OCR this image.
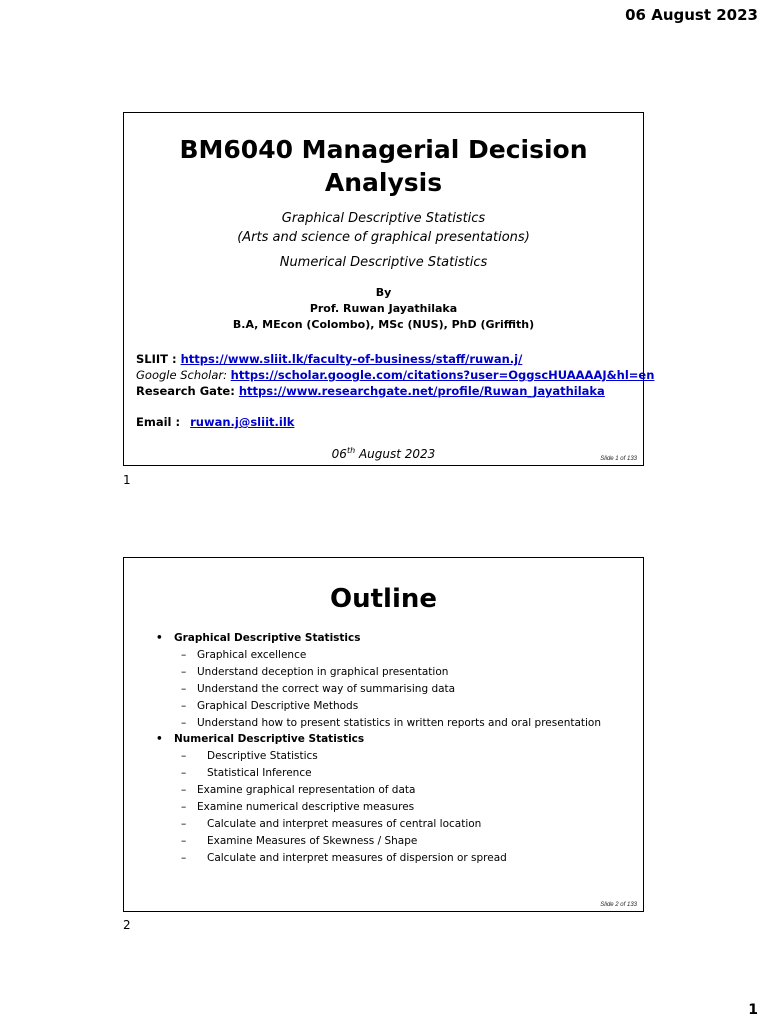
06 August 2023
BM6040 Managerial Decision Analysis
Graphical Descriptive Statistics
(Arts and science of graphical presentations)
Numerical Descriptive Statistics
By
Prof. Ruwan Jayathilaka
B.A, MEcon (Colombo), MSc (NUS), PhD (Griffith)
SLIIT : https://www.sliit.lk/faculty-of-business/staff/ruwan.j/
Google Scholar: https://scholar.google.com/citations?user=OggscHUAAAAJ&hl=en
Research Gate: https://www.researchgate.net/profile/Ruwan_Jayathilaka
Email : ruwan.j@sliit.ilk
06th August 2023	Slide 1 of 133
1
Outline
• Graphical Descriptive Statistics
– Graphical excellence
– Understand deception in graphical presentation
– Understand the correct way of summarising data
– Graphical Descriptive Methods
– Understand how to present statistics in written reports and oral presentation
• Numerical Descriptive Statistics
– Descriptive Statistics
– Statistical Inference
– Examine graphical representation of data
– Examine numerical descriptive measures
– Calculate and interpret measures of central location
– Examine Measures of Skewness / Shape
– Calculate and interpret measures of dispersion or spread
Slide 2 of 133
2
1
